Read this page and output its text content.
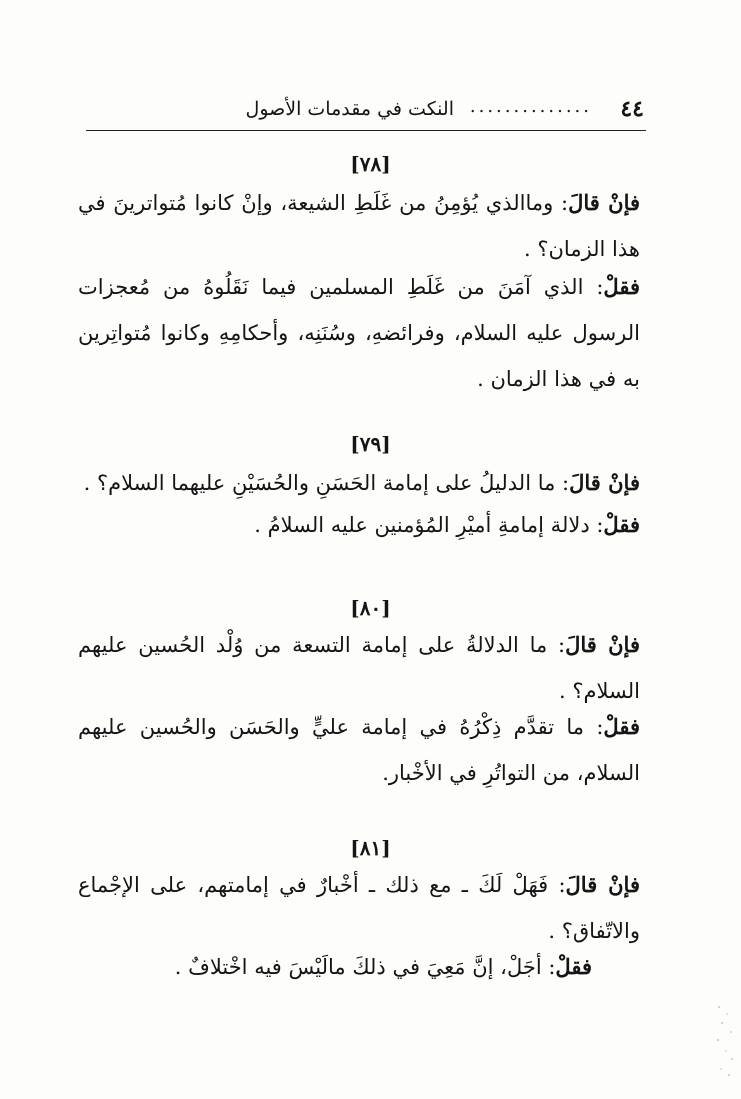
٤٤
..............
النكت في مقدمات الأصول
[٧٨]

فإنْ قالَ: وماالذي يُؤمِنُ من غَلَطِ الشيعة، وإنْ كانوا مُتواترينَ في هذا الزمان؟ .

فقلْ: الذي آمَنَ من غَلَطِ المسلمين فيما نَقَلُوهُ من مُعجزات الرسول عليه السلام، وفرائضهِ، وسُنَنِه، وأحكامِهِ وكانوا مُتواتِرين به في هذا الزمان .

[٧٩]

فإنْ قالَ: ما الدليلُ على إمامة الحَسَنِ والحُسَيْنِ عليهما السلام؟ .

فقلْ: دلالة إمامةِ أميْرِ المُؤمنين عليه السلامُ .

[٨٠]

فإنْ قالَ: ما الدلالةُ على إمامة التسعة من وُلْد الحُسين عليهم السلام؟ .

فقلْ: ما تقدَّم ذِكْرُهُ في إمامة عليٍّ والحَسَن والحُسين عليهم السلام، من التواتُرِ في الأخْبار.

[٨١]

فإنْ قالَ: فَهَلْ لَكَ ـ مع ذلك ـ أخْبارٌ في إمامتهم، على الإجْماع والاتّفاق؟ .

فقلْ: أجَلْ، إنَّ مَعِيَ في ذلكَ مالَيْسَ فيه اخْتلافٌ .
